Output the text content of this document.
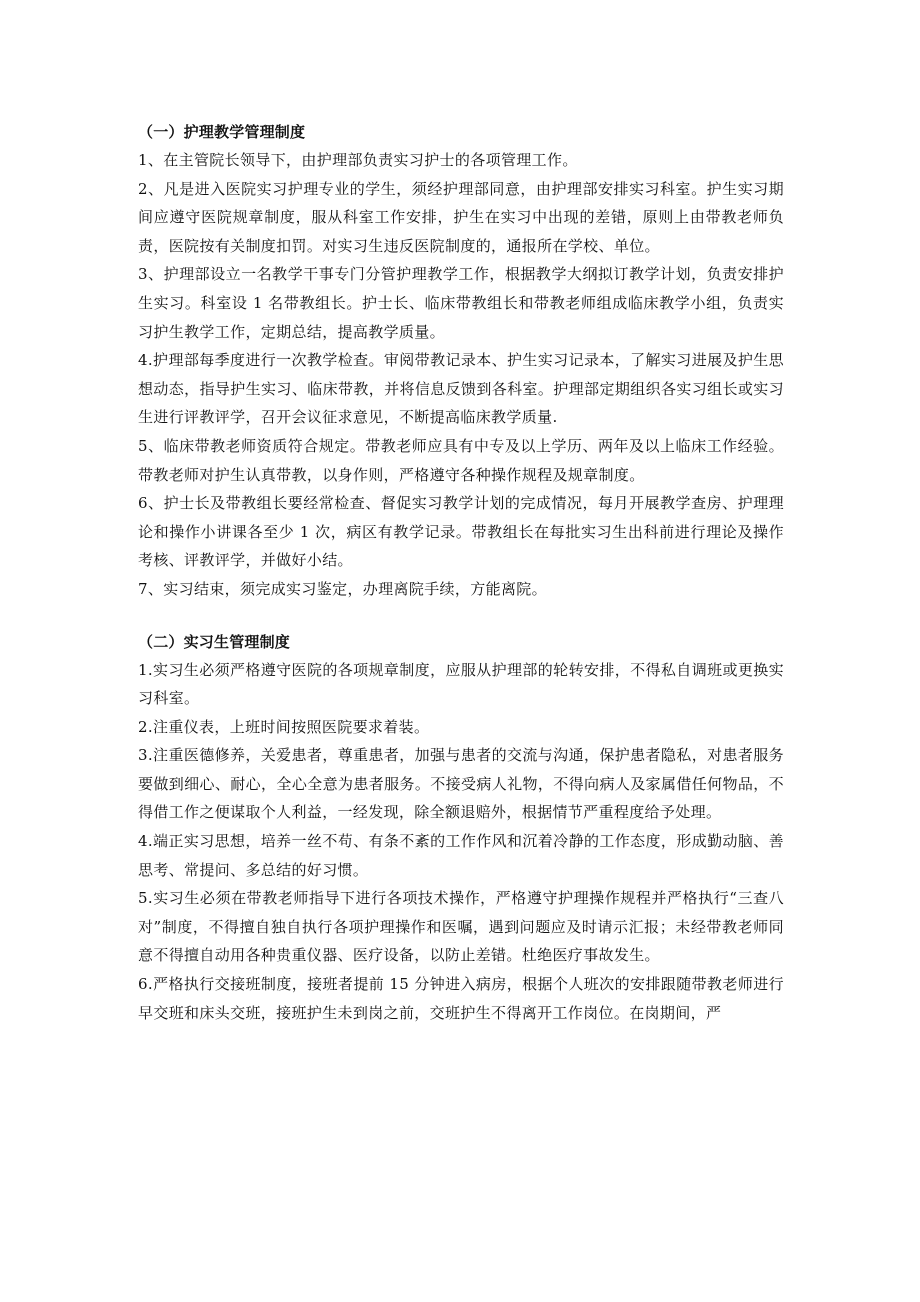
（一）护理教学管理制度

1、在主管院长领导下，由护理部负责实习护士的各项管理工作。

2、凡是进入医院实习护理专业的学生，须经护理部同意，由护理部安排实习科室。护生实习期间应遵守医院规章制度，服从科室工作安排，护生在实习中出现的差错，原则上由带教老师负责，医院按有关制度扣罚。对实习生违反医院制度的，通报所在学校、单位。

3、护理部设立一名教学干事专门分管护理教学工作，根据教学大纲拟订教学计划，负责安排护生实习。科室设 1 名带教组长。护士长、临床带教组长和带教老师组成临床教学小组，负责实习护生教学工作，定期总结，提高教学质量。

4.护理部每季度进行一次教学检查。审阅带教记录本、护生实习记录本，了解实习进展及护生思想动态，指导护生实习、临床带教，并将信息反馈到各科室。护理部定期组织各实习组长或实习生进行评教评学，召开会议征求意见，不断提高临床教学质量.

5、临床带教老师资质符合规定。带教老师应具有中专及以上学历、两年及以上临床工作经验。带教老师对护生认真带教，以身作则，严格遵守各种操作规程及规章制度。

6、护士长及带教组长要经常检查、督促实习教学计划的完成情况，每月开展教学查房、护理理论和操作小讲课各至少 1 次，病区有教学记录。带教组长在每批实习生出科前进行理论及操作考核、评教评学，并做好小结。

7、实习结束，须完成实习鉴定，办理离院手续，方能离院。

（二）实习生管理制度

1.实习生必须严格遵守医院的各项规章制度，应服从护理部的轮转安排，不得私自调班或更换实习科室。

2.注重仪表，上班时间按照医院要求着装。

3.注重医德修养，关爱患者，尊重患者，加强与患者的交流与沟通，保护患者隐私，对患者服务要做到细心、耐心，全心全意为患者服务。不接受病人礼物，不得向病人及家属借任何物品，不得借工作之便谋取个人利益，一经发现，除全额退赔外，根据情节严重程度给予处理。

4.端正实习思想，培养一丝不苟、有条不紊的工作作风和沉着冷静的工作态度，形成勤动脑、善思考、常提问、多总结的好习惯。

5.实习生必须在带教老师指导下进行各项技术操作，严格遵守护理操作规程并严格执行“三查八对”制度，不得擅自独自执行各项护理操作和医嘱，遇到问题应及时请示汇报；未经带教老师同意不得擅自动用各种贵重仪器、医疗设备，以防止差错。杜绝医疗事故发生。

6.严格执行交接班制度，接班者提前 15 分钟进入病房，根据个人班次的安排跟随带教老师进行早交班和床头交班，接班护生未到岗之前，交班护生不得离开工作岗位。在岗期间，严
